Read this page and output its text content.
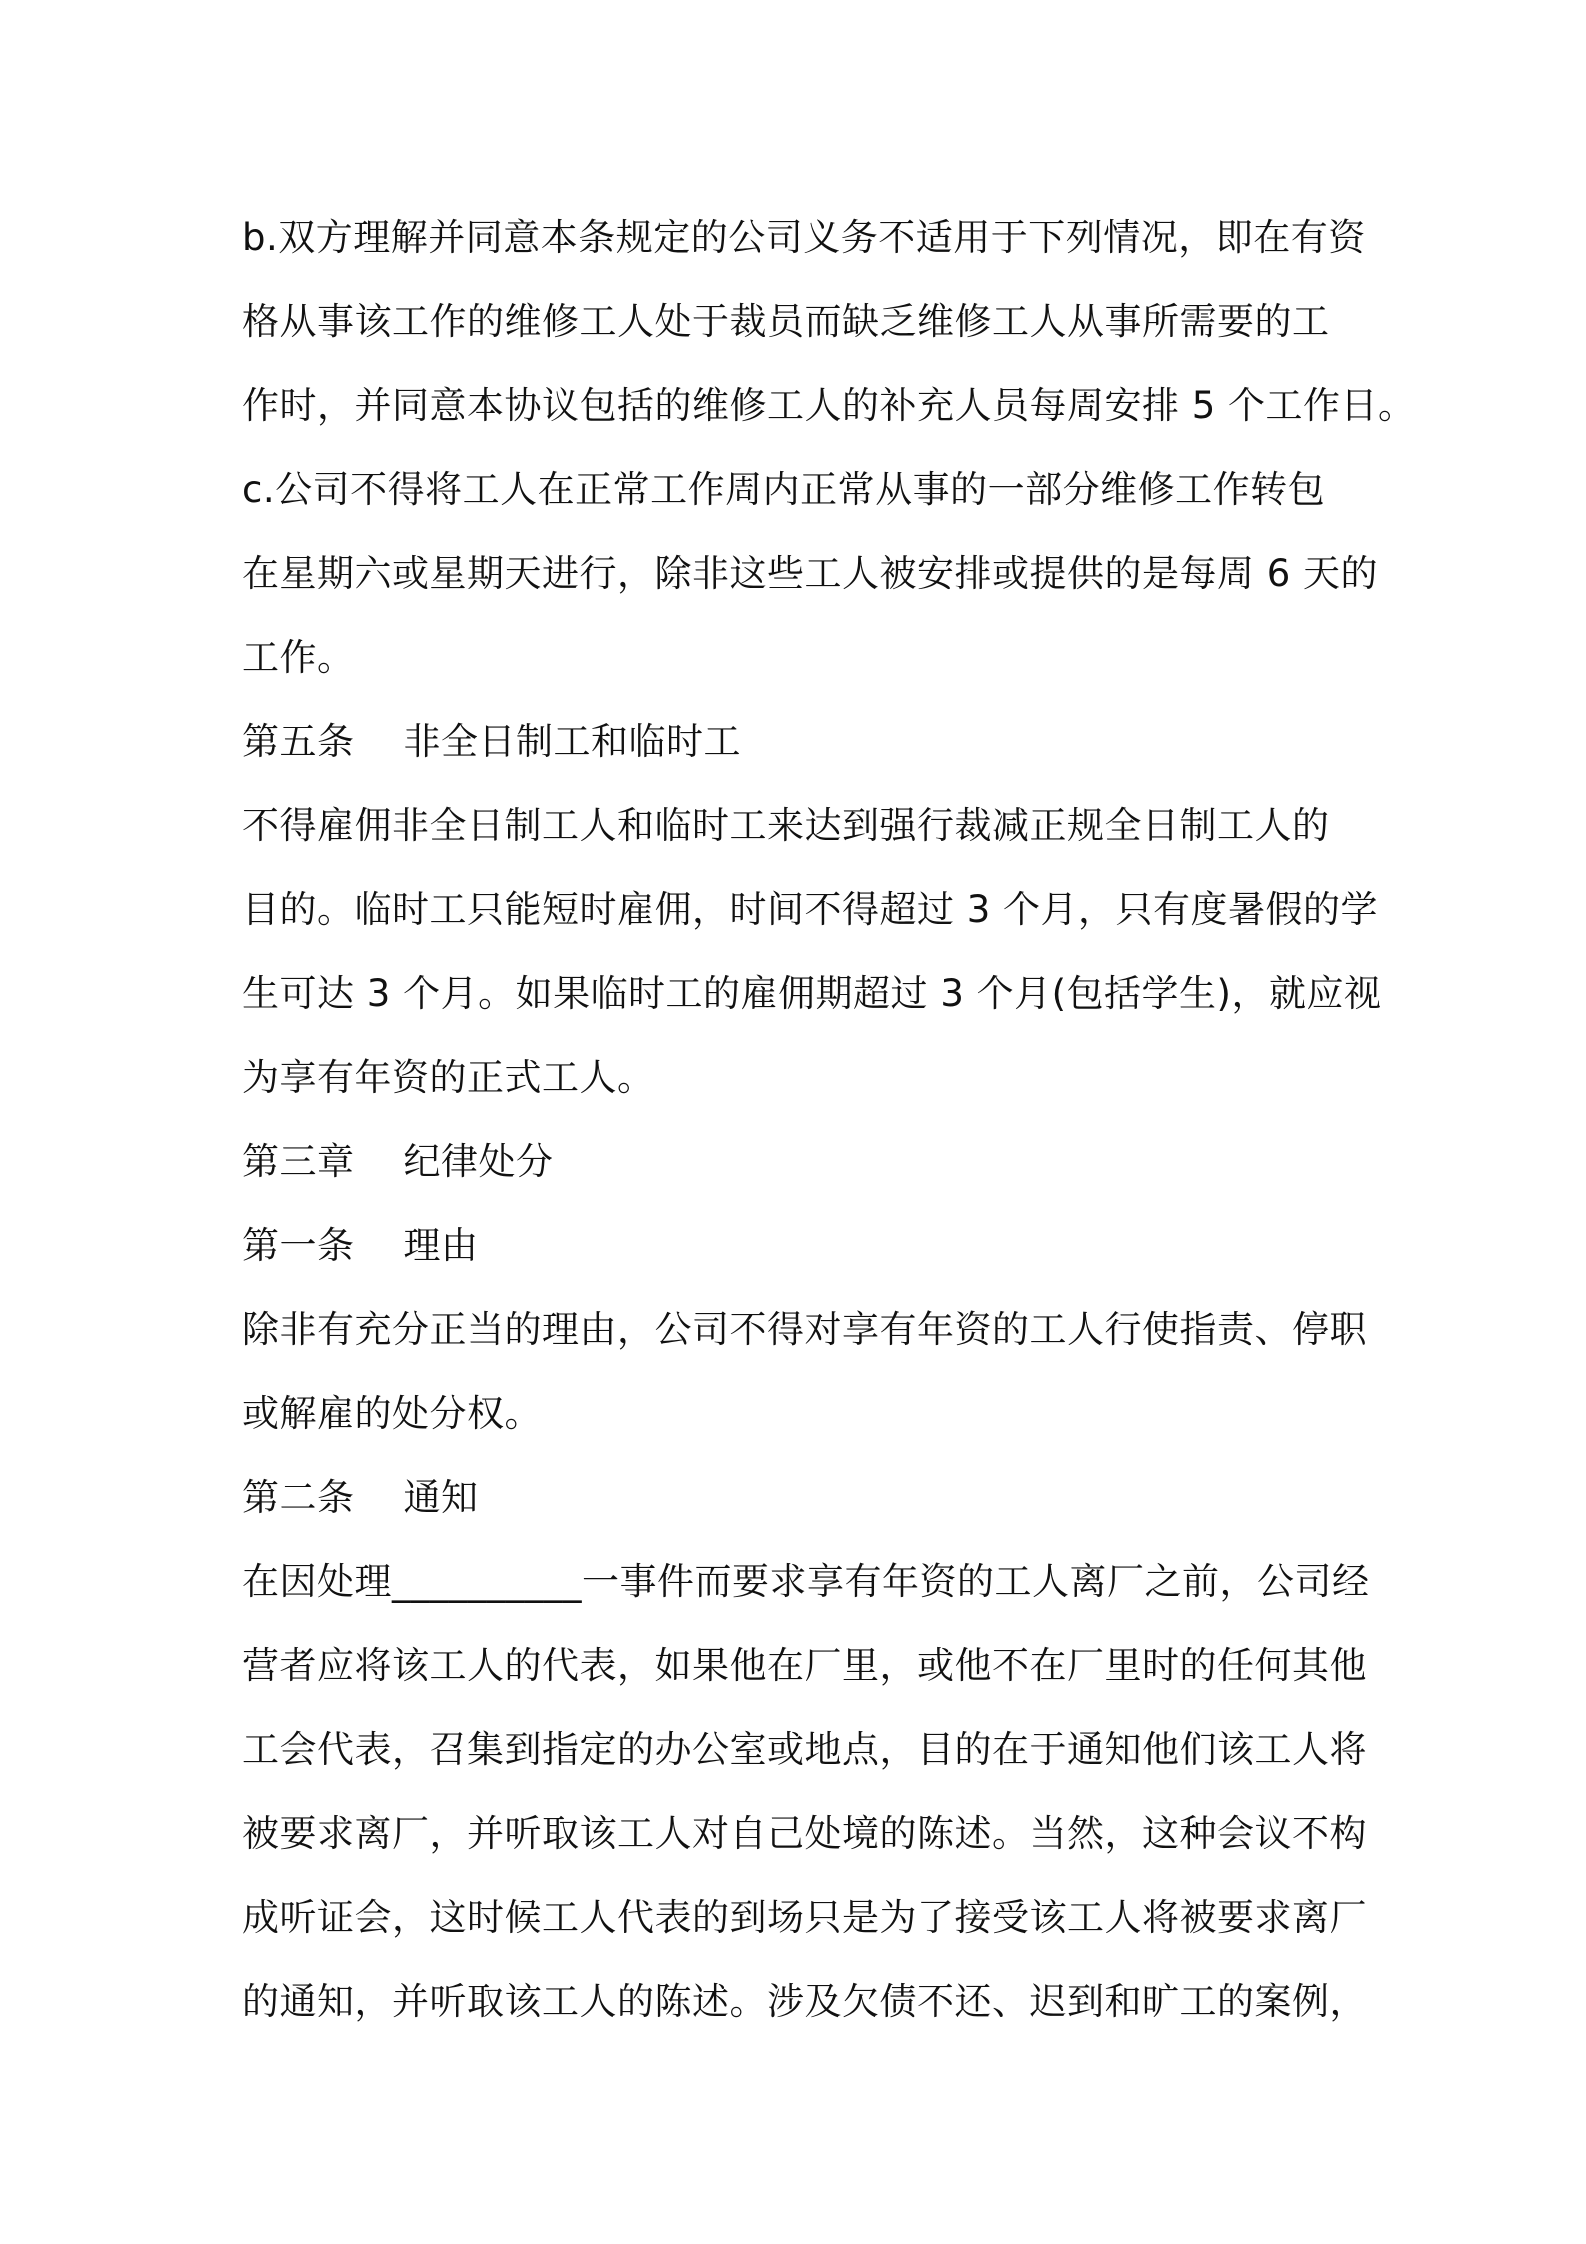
b.双方理解并同意本条规定的公司义务不适用于下列情况，即在有资
格从事该工作的维修工人处于裁员而缺乏维修工人从事所需要的工
作时，并同意本协议包括的维修工人的补充人员每周安排 5 个工作日。
c.公司不得将工人在正常工作周内正常从事的一部分维修工作转包
在星期六或星期天进行，除非这些工人被安排或提供的是每周 6 天的
工作。
第五条    非全日制工和临时工
不得雇佣非全日制工人和临时工来达到强行裁减正规全日制工人的
目的。临时工只能短时雇佣，时间不得超过 3 个月，只有度暑假的学
生可达 3 个月。如果临时工的雇佣期超过 3 个月(包括学生)，就应视
为享有年资的正式工人。
第三章    纪律处分
第一条    理由
除非有充分正当的理由，公司不得对享有年资的工人行使指责、停职
或解雇的处分权。
第二条    通知
在因处理__________一事件而要求享有年资的工人离厂之前，公司经
营者应将该工人的代表，如果他在厂里，或他不在厂里时的任何其他
工会代表，召集到指定的办公室或地点，目的在于通知他们该工人将
被要求离厂，并听取该工人对自己处境的陈述。当然，这种会议不构
成听证会，这时候工人代表的到场只是为了接受该工人将被要求离厂
的通知，并听取该工人的陈述。涉及欠债不还、迟到和旷工的案例，
